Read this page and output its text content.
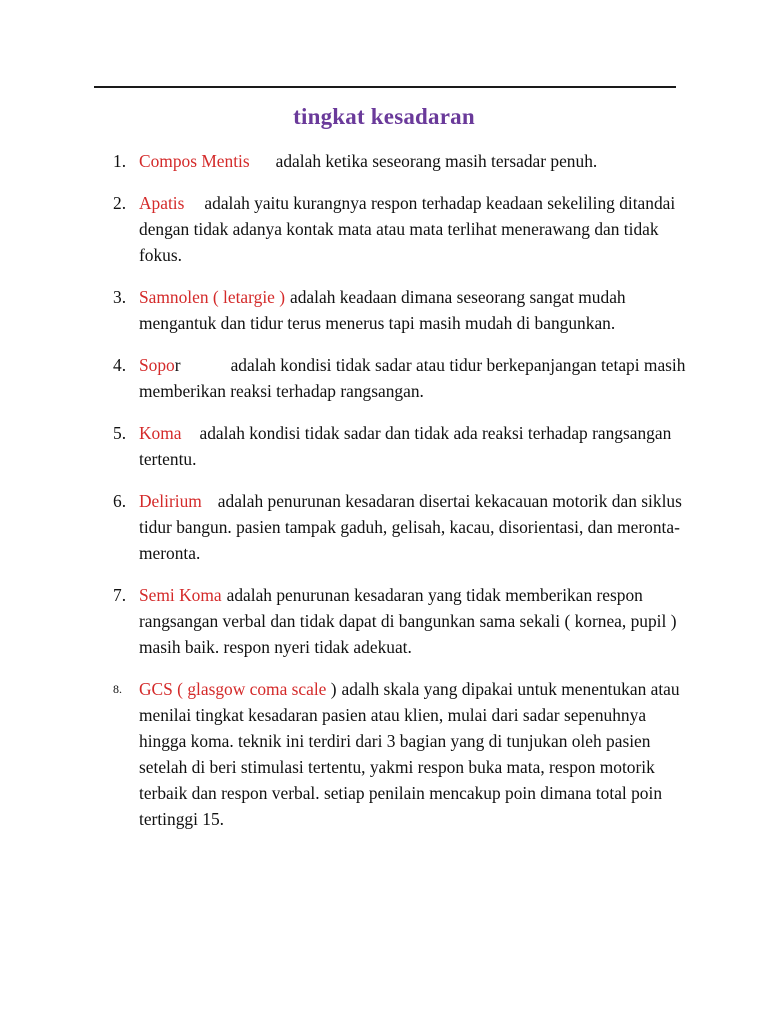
tingkat kesadaran
1. Compos Mentis adalah ketika seseorang masih tersadar penuh.
2. Apatis adalah yaitu kurangnya respon terhadap keadaan sekeliling ditandai dengan tidak adanya kontak mata atau mata terlihat menerawang dan tidak fokus.
3. Samnolen ( letargie ) adalah keadaan dimana seseorang sangat mudah mengantuk dan tidur terus menerus tapi masih mudah di bangunkan.
4. Sopor	adalah kondisi tidak sadar atau tidur berkepanjangan tetapi masih memberikan reaksi terhadap rangsangan.
5. Koma adalah kondisi tidak sadar dan tidak ada reaksi terhadap rangsangan tertentu.
6. Delirium adalah penurunan kesadaran disertai kekacauan motorik dan siklus tidur bangun. pasien tampak gaduh, gelisah, kacau, disorientasi, dan meronta-meronta.
7. Semi Koma adalah penurunan kesadaran yang tidak memberikan respon rangsangan verbal dan tidak dapat di bangunkan sama sekali ( kornea, pupil ) masih baik. respon nyeri tidak adekuat.
8. GCS ( glasgow coma scale ) adalh skala yang dipakai untuk menentukan atau menilai tingkat kesadaran pasien atau klien, mulai dari sadar sepenuhnya hingga koma. teknik ini terdiri dari 3 bagian yang di tunjukan oleh pasien setelah di beri stimulasi tertentu, yakmi respon buka mata, respon motorik terbaik dan respon verbal. setiap penilain mencakup poin dimana total poin tertinggi 15.
